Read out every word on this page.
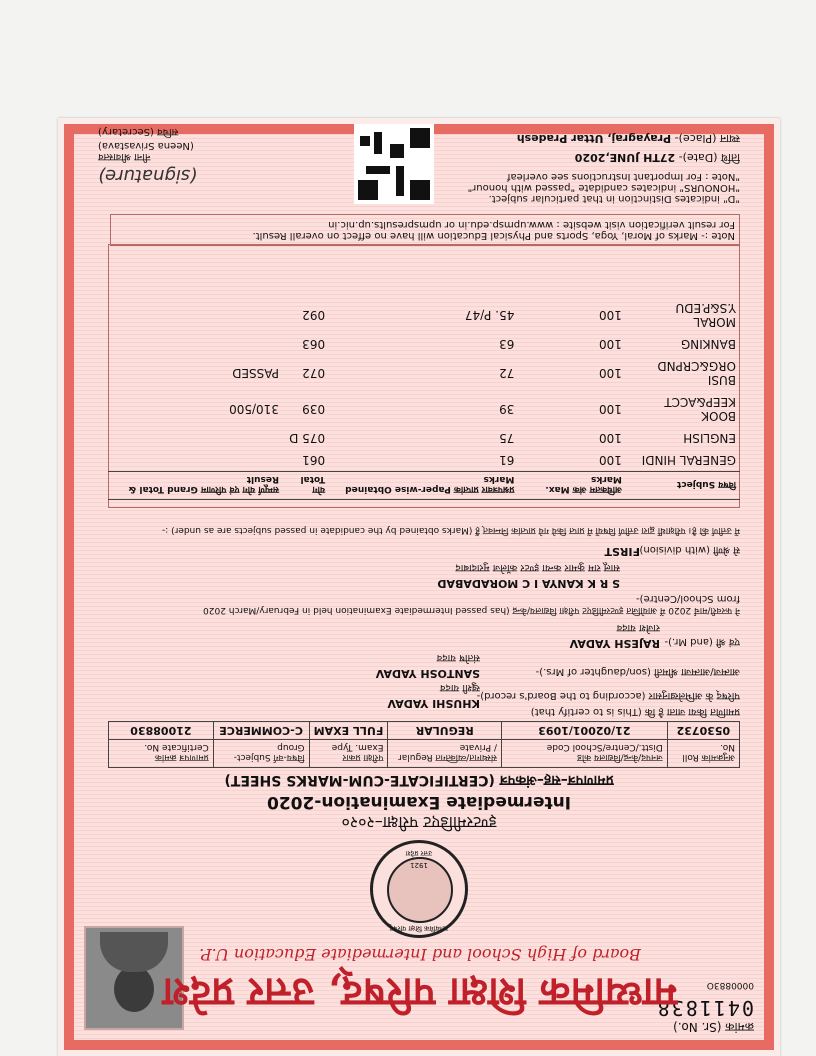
क्रमांक (Sr. No.)
0411838
0000883O
माध्यमिक शिक्षा परिषद्, उत्तर प्रदेश
Board of High School and Intermediate Education U.P.
माध्यमिक शिक्षा परिषद्
उत्तर प्रदेश
1921
इण्टरमीडिएट परीक्षा–२०२०
Intermediate Examination-2020
प्रमाणपत्र–सह–अंकपत्र (CERTIFICATE-CUM-MARKS SHEET)
अनुक्रमांक Roll No.	जनपद/केन्द्र/विद्यालय कोड Distt./Centre/School Code	संस्थागत/व्यक्तिगत Regular / Private	परीक्षा प्रकार Exam. Type	विषय-वर्ग Subject-Group	प्रमाणपत्र क्रमांक Certificate No.
0530732	21/02001/1093	REGULAR	FULL EXAM	C-COMMERCE	21008830
प्रमाणित किया जाता है कि (This is to certify that)
परिषद् के अभिलेखानुसार (according to the Board's record)-
KHUSHI YADAV
खुशी यादव
आत्मज/आत्मजा श्रीमती (son/daughter of Mrs.)-
SANTOSH YADAV
संतोष यादव
एवं श्री (and Mr.)-
RAJESH YADAV
राजेश यादव
ने फरवरी/मार्च 2020 में आयोजित इण्टरमीडिएट परीक्षा विद्यालय/केन्द्र (has passed Intermediate Examination held in February/March 2020
from School/Centre)-
S R K KANYA I C MORADABAD
सालू राम कुमार कन्या इण्टर कॉलेज मुरादाबाद
से श्रेणी (with division)-
FIRST
में उत्तीर्ण की है। परीक्षार्थी द्वारा उत्तीर्ण विषयों में प्राप्त किये गये प्राप्तांक निम्नवत् हैं (Marks obtained by the candidate in passed subjects are as under) :-
विषय Subject	अधिकतम अंक Max. Marks	प्रश्नपत्रवार प्राप्तांक Paper-wise Obtained Marks	योग Total	सम्पूर्ण योग एवं परिणाम Grand Total & Result
GENERAL HINDI	100	61	061	
ENGLISH	100	75	075 D	
BOOK KEEP&ACCT	100	39	039	310/500
BUSI ORG&CRPND	100	72	072	PASSED
BANKING	100	63	063	
MORAL Y.S&P.EDU	100	45. P/47	092	
Note :- Marks of Moral, Yoga, Sports and Physical Education will have no effect on overall Result.
For result verification visit website : www.upmsp.edu.in or upmspresults.up.nic.in
"D" indicates Distinction in that particular subject.
"HONOURS" indicates candidate "passed with honour"
"Note : For Important Instructions see overleaf
तिथि (Date)- 27TH JUNE,2020
स्थान (Place)- Prayagraj, Uttar Pradesh
(signature)
नीना श्रीवास्तव
(Neena Srivastava)
सचिव (Secretary)
